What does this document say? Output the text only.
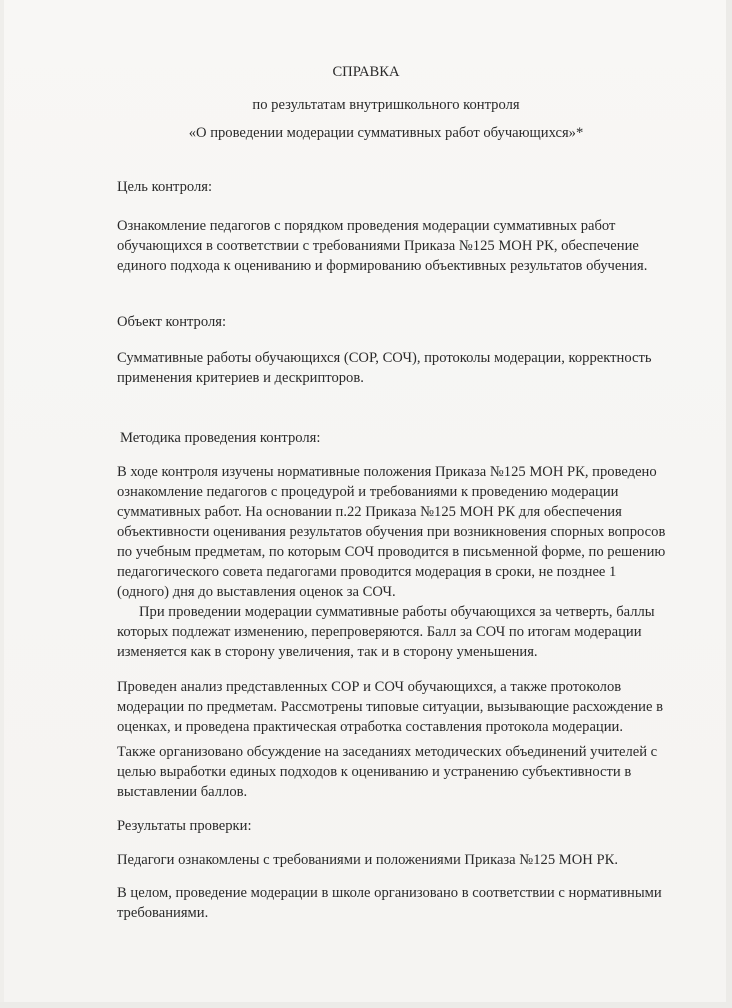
СПРАВКА
по результатам внутришкольного контроля
«О проведении модерации суммативных работ обучающихся»*
Цель контроля:
Ознакомление педагогов с порядком проведения модерации суммативных работ
обучающихся в соответствии с требованиями Приказа №125 МОН РК, обеспечение
единого подхода к оцениванию и формированию объективных результатов обучения.
Объект контроля:
Суммативные работы обучающихся (СОР, СОЧ), протоколы модерации, корректность
применения критериев и дескрипторов.
Методика проведения контроля:
В ходе контроля изучены нормативные положения Приказа №125 МОН РК, проведено
ознакомление педагогов с процедурой и требованиями к проведению модерации
суммативных работ. На основании п.22 Приказа №125 МОН РК для обеспечения
объективности оценивания результатов обучения при возникновения спорных вопросов
по учебным предметам, по которым СОЧ проводится в письменной форме, по решению
педагогического совета педагогами проводится модерация в сроки, не позднее 1
(одного) дня до выставления оценок за СОЧ.
При проведении модерации суммативные работы обучающихся за четверть, баллы
которых подлежат изменению, перепроверяются. Балл за СОЧ по итогам модерации
изменяется как в сторону увеличения, так и в сторону уменьшения.
Проведен анализ представленных СОР и СОЧ обучающихся, а также протоколов
модерации по предметам. Рассмотрены типовые ситуации, вызывающие расхождение в
оценках, и проведена практическая отработка составления протокола модерации.
Также организовано обсуждение на заседаниях методических объединений учителей с
целью выработки единых подходов к оцениванию и устранению субъективности в
выставлении баллов.
Результаты проверки:
Педагоги ознакомлены с требованиями и положениями Приказа №125 МОН РК.
В целом, проведение модерации в школе организовано в соответствии с нормативными
требованиями.
